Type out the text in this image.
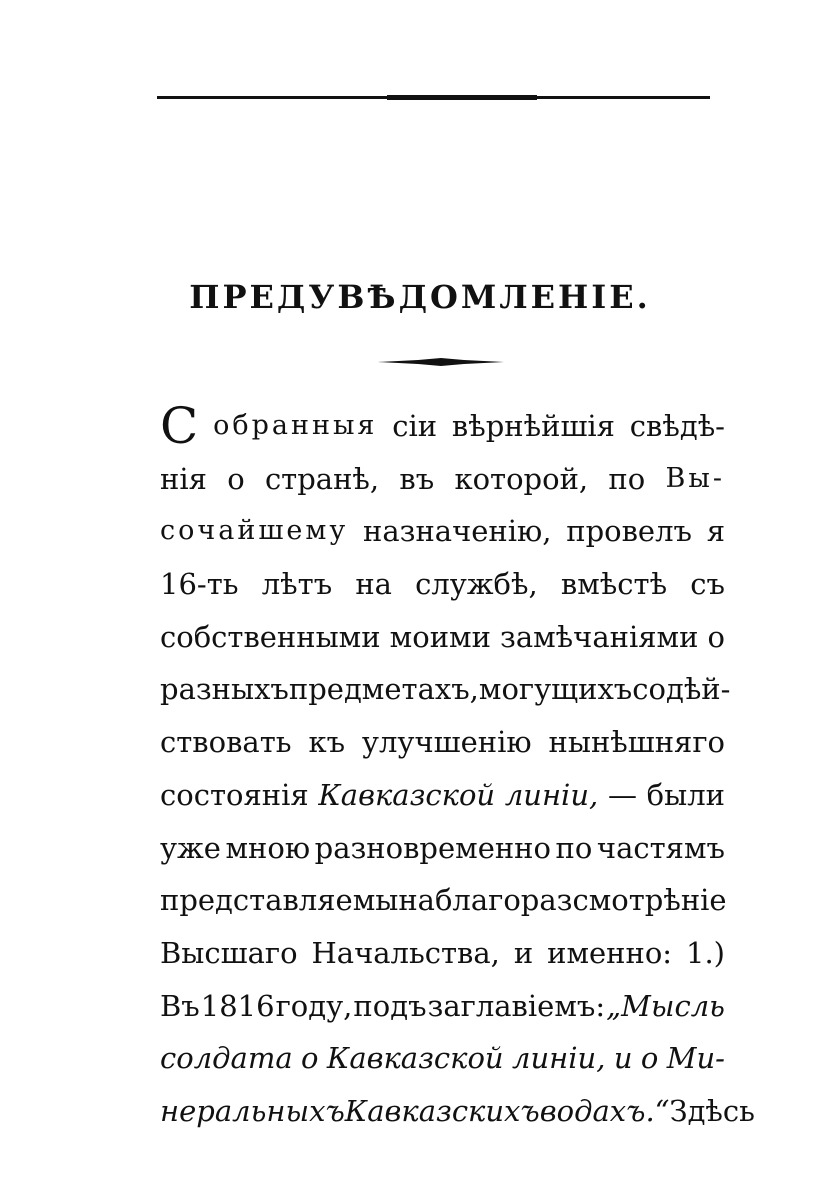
ПРЕДУВѢДОМЛЕНІЕ.
С обранныя сіи вѣрнѣйшія свѣдѣ-
нія о странѣ, въ которой, по Вы-
сочайшему назначенію, провелъ я
16-ть лѣтъ на службѣ, вмѣстѣ съ
собственными моими замѣчаніями о
разныхъ предметахъ, могущихъ содѣй-
ствовать къ улучшенію нынѣшняго
состоянія Кавказской линіи, — были
уже мною разновременно по частямъ
представляемы на благоразсмотрѣніе
Высшаго Начальства, и именно: 1.)
Въ 1816 году, подъ заглавіемъ: „Мысль
солдата о Кавказской линіи, и о Ми-
неральныхъ Кавказскихъ водахъ.“ Здѣсь
